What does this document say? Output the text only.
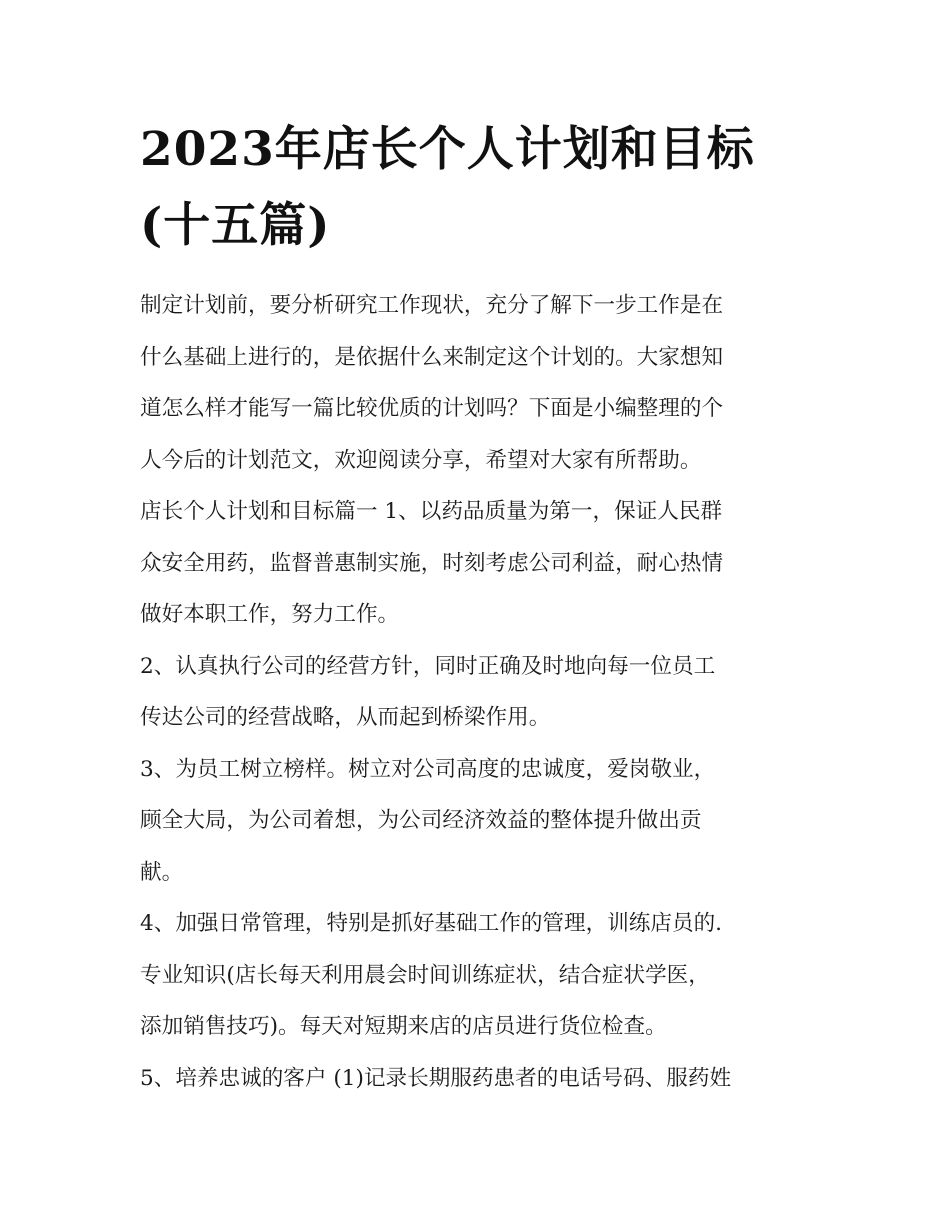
2023年店长个人计划和目标
(十五篇)
制定计划前，要分析研究工作现状，充分了解下一步工作是在
什么基础上进行的，是依据什么来制定这个计划的。大家想知
道怎么样才能写一篇比较优质的计划吗？下面是小编整理的个
人今后的计划范文，欢迎阅读分享，希望对大家有所帮助。
店长个人计划和目标篇一 1、以药品质量为第一，保证人民群
众安全用药，监督普惠制实施，时刻考虑公司利益，耐心热情
做好本职工作，努力工作。
2、认真执行公司的经营方针，同时正确及时地向每一位员工
传达公司的经营战略，从而起到桥梁作用。
3、为员工树立榜样。树立对公司高度的忠诚度，爱岗敬业，
顾全大局，为公司着想，为公司经济效益的整体提升做出贡
献。
4、加强日常管理，特别是抓好基础工作的管理，训练店员的.
专业知识(店长每天利用晨会时间训练症状，结合症状学医，
添加销售技巧)。每天对短期来店的店员进行货位检查。
5、培养忠诚的客户 (1)记录长期服药患者的电话号码、服药姓
